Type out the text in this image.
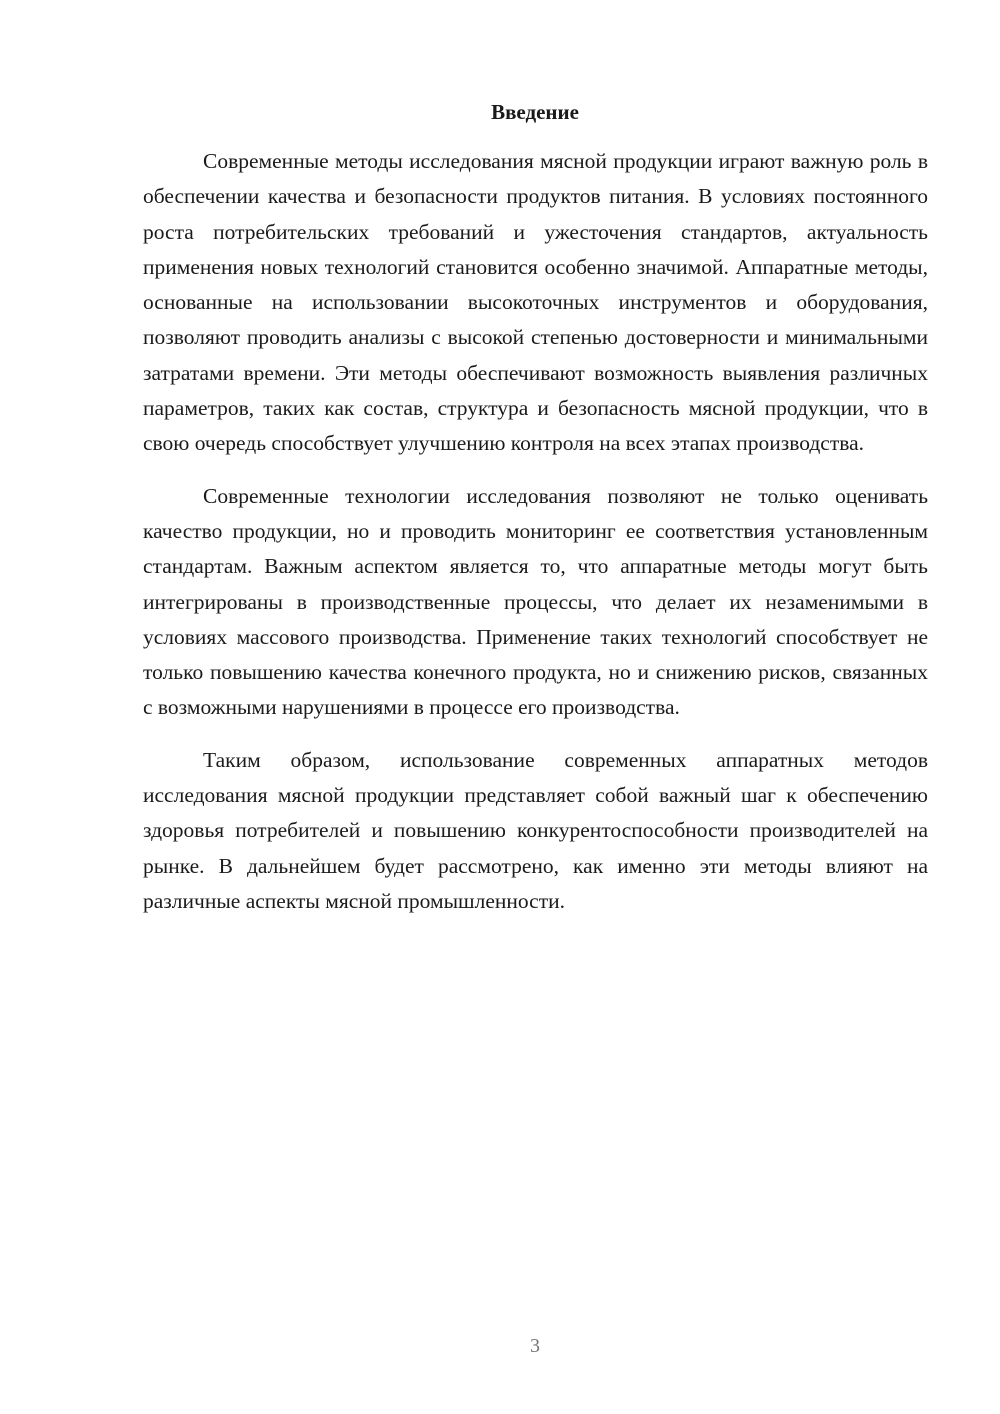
Введение

Современные методы исследования мясной продукции играют важную роль в обеспечении качества и безопасности продуктов питания. В условиях постоянного роста потребительских требований и ужесточения стандартов, актуальность применения новых технологий становится особенно значимой. Аппаратные методы, основанные на использовании высокоточных инструментов и оборудования, позволяют проводить анализы с высокой степенью достоверности и минимальными затратами времени. Эти методы обеспечивают возможность выявления различных параметров, таких как состав, структура и безопасность мясной продукции, что в свою очередь способствует улучшению контроля на всех этапах производства.

Современные технологии исследования позволяют не только оценивать качество продукции, но и проводить мониторинг ее соответствия установленным стандартам. Важным аспектом является то, что аппаратные методы могут быть интегрированы в производственные процессы, что делает их незаменимыми в условиях массового производства. Применение таких технологий способствует не только повышению качества конечного продукта, но и снижению рисков, связанных с возможными нарушениями в процессе его производства.

Таким образом, использование современных аппаратных методов исследования мясной продукции представляет собой важный шаг к обеспечению здоровья потребителей и повышению конкурентоспособности производителей на рынке. В дальнейшем будет рассмотрено, как именно эти методы влияют на различные аспекты мясной промышленности.

3
